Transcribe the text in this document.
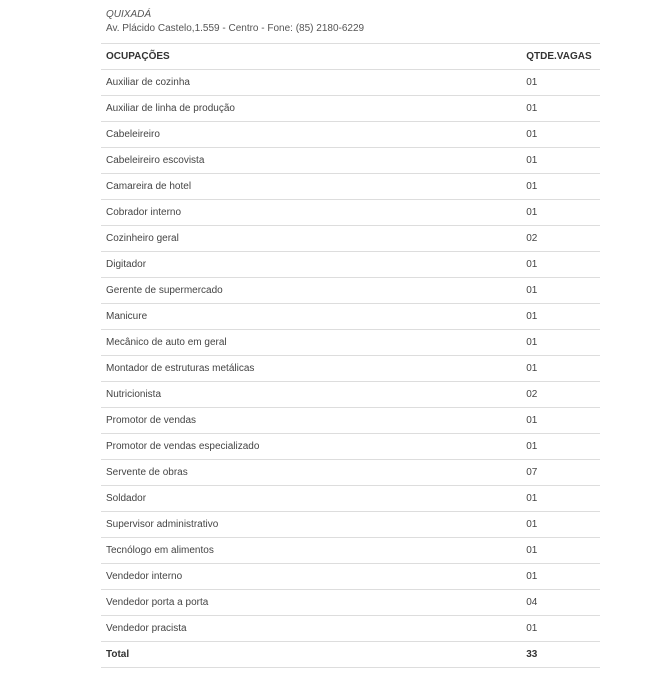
QUIXADÁ
Av. Plácido Castelo,1.559 - Centro - Fone: (85) 2180-6229
OCUPAÇÕES	QTDE.VAGAS
Auxiliar de cozinha	01
Auxiliar de linha de produção	01
Cabeleireiro	01
Cabeleireiro escovista	01
Camareira de hotel	01
Cobrador interno	01
Cozinheiro geral	02
Digitador	01
Gerente de supermercado	01
Manicure	01
Mecânico de auto em geral	01
Montador de estruturas metálicas	01
Nutricionista	02
Promotor de vendas	01
Promotor de vendas especializado	01
Servente de obras	07
Soldador	01
Supervisor administrativo	01
Tecnólogo em alimentos	01
Vendedor interno	01
Vendedor porta a porta	04
Vendedor pracista	01
Total	33
